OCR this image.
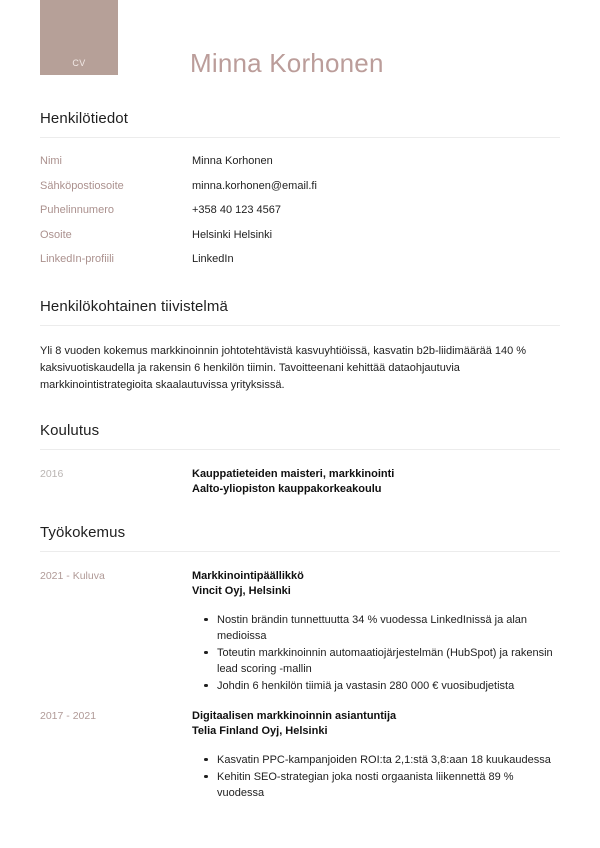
CV	Minna Korhonen
Henkilötiedot
Nimi	Minna Korhonen
Sähköpostiosoite	minna.korhonen@email.fi
Puhelinnumero	+358 40 123 4567
Osoite	Helsinki Helsinki
LinkedIn-profiili	LinkedIn
Henkilökohtainen tiivistelmä
Yli 8 vuoden kokemus markkinoinnin johtotehtävistä kasvuyhtiöissä, kasvatin b2b-liidimäärää 140 % kaksivuotiskaudella ja rakensin 6 henkilön tiimin. Tavoitteenani kehittää dataohjautuvia markkinointistrategioita skaalautuvissa yrityksissä.
Koulutus
2016	Kauppatieteiden maisteri, markkinointi
Aalto-yliopiston kauppakorkeakoulu
Työkokemus
2021 - Kuluva	Markkinointipäällikkö
Vincit Oyj, Helsinki
Nostin brändin tunnettuutta 34 % vuodessa LinkedInissä ja alan medioissa
Toteutin markkinoinnin automaatiojärjestelmän (HubSpot) ja rakensin lead scoring -mallin
Johdin 6 henkilön tiimiä ja vastasin 280 000 € vuosibudjetista
2017 - 2021	Digitaalisen markkinoinnin asiantuntija
Telia Finland Oyj, Helsinki
Kasvatin PPC-kampanjoiden ROI:ta 2,1:stä 3,8:aan 18 kuukaudessa
Kehitin SEO-strategian joka nosti orgaanista liikennettä 89 % vuodessa
